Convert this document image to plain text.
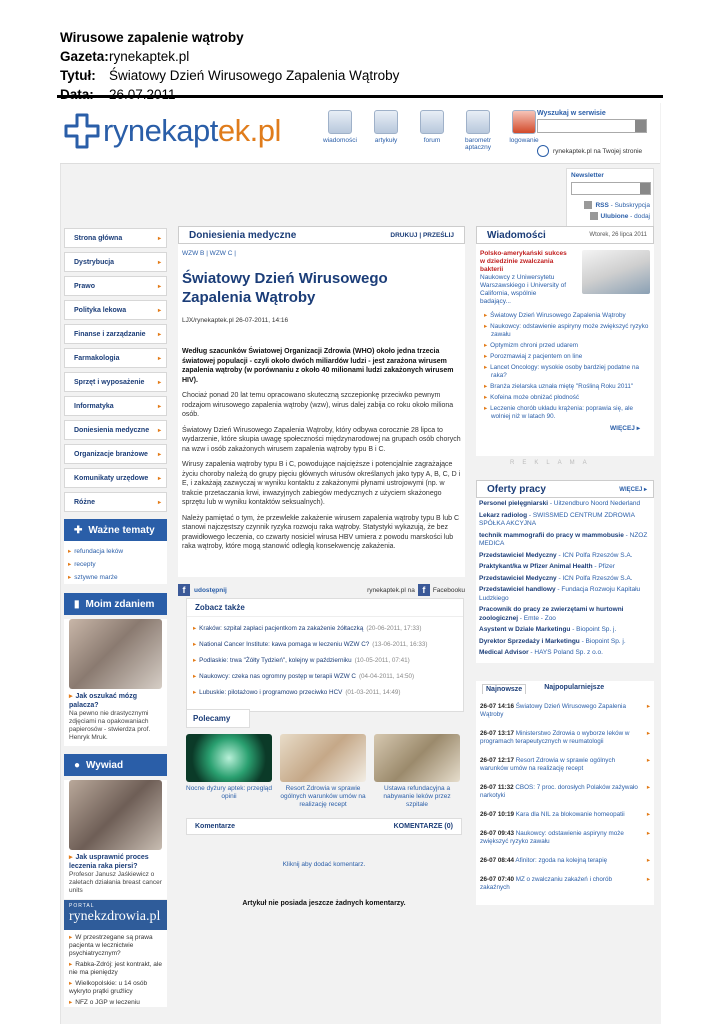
Wirusowe zapalenie wątroby
Gazeta: rynekaptek.pl
Tytuł: Światowy Dzień Wirusowego Zapalenia Wątroby
rynekaptek.pl	wiadomości	artykuły	forum	barometr aptaczny
logowanie
Wyszukaj w serwisie
rynekaptek.pl na Twojej stronie
Newsletter
RSS - Subskrypcja
Ulubione - dodaj
Strona główna	▸
Dystrybucja	▸
Prawo	▸
Polityka lekowa	▸
Finanse i zarządzanie ▸
Farmakologia	▸
Sprzęt i wyposażenie ▸
Informatyka	▸
Doniesienia medyczne ▸
Organizacje branżowe ▸
Komunikaty urzędowe ▸
Różne	▸
✚ Ważne tematy
▸ refundacja leków
▸ recepty
▸ sztywne marże
▮ Moim zdaniem
▸ Jak oszukać mózg palacza?
Na pewno nie drastycznymi zdjęciami na opakowaniach papierosów - stwierdza prof. Henryk Mruk.
● Wywiad
▸ Jak usprawnić proces leczenia raka piersi?
Profesor Janusz Jaśkiewicz o zaletach działania breast cancer units
PORTAL
rynekzdrowia.pl
▸ W przestrzegane są prawa pacjenta w lecznictwie psychiatrycznym?
▸ Rabka-Zdrój: jest kontrakt, ale nie ma pieniędzy
▸ Wielkopolskie: u 14 osób wykryto prątki gruźlicy
▸ NFZ o JGP w leczeniu
Doniesienia medyczne	DRUKUJ | PRZEŚLIJ
WZW B | WZW C |
Światowy Dzień Wirusowego Zapalenia Wątroby
LJX/rynekaptek.pl 26-07-2011, 14:16
Według szacunków Światowej Organizacji Zdrowia (WHO) około jedna trzecia światowej populacji - czyli około dwóch miliardów ludzi - jest zarażona wirusem zapalenia wątroby (w porównaniu z około 40 milionami ludzi zakażonych wirusem HIV).
Chociaż ponad 20 lat temu opracowano skuteczną szczepionkę przeciwko pewnym rodzajom wirusowego zapalenia wątroby (wzw), wirus dalej zabija co roku około miliona osób.
Światowy Dzień Wirusowego Zapalenia Wątroby, który odbywa corocznie 28 lipca to wydarzenie, które skupia uwagę społeczności międzynarodowej na grupach osób chorych na wzw i osób zakażonych wirusem zapalenia wątroby typu B i C.
Wirusy zapalenia wątroby typu B i C, powodujące najcięższe i potencjalnie zagrażające życiu choroby należą do grupy pięciu głównych wirusów określanych jako typy A, B, C, D i E, i zakażają zazwyczaj w wyniku kontaktu z zakażonymi płynami ustrojowymi (np. w trakcie przetaczania krwi, inwazyjnych zabiegów medycznych z użyciem skażonego sprzętu lub w wyniku kontaktów seksualnych).
Należy pamiętać o tym, że przewlekłe zakażenie wirusem zapalenia wątroby typu B lub C stanowi najczęstszy czynnik ryzyka rozwoju raka wątroby. Statystyki wykazują, że bez prawidłowego leczenia, co czwarty nosiciel wirusa HBV umiera z powodu marskości lub raka wątroby, które mogą stanowić odległą konsekwencję zakażenia.
f	udostępnij	rynekaptek.pl na f	Facebooku
Zobacz także
▸ Kraków: szpital zapłaci pacjentkom za zakażenie żółtaczką (20-06-2011, 17:33)
▸ National Cancer Institute: kawa pomaga w leczeniu WZW C? (13-06-2011, 16:33)
▸ Podlaskie: trwa "Żółty Tydzień", kolejny w październiku (10-05-2011, 07:41)
▸ Naukowcy: czeka nas ogromny postęp w terapii WZW C (04-04-2011, 14:50)
▸ Lubuskie: pilotażowo i programowo przeciwko HCV (01-03-2011, 14:49)
Polecamy
Nocne dyżury aptek: przegląd opinii
Resort Zdrowia w sprawie ogólnych warunków umów na realizację recept
Ustawa refundacyjna a nabywanie leków przez szpitale
Komentarze	KOMENTARZE (0)
Kliknij aby dodać komentarz.
Artykuł nie posiada jeszcze żadnych komentarzy.
Wiadomości	Wtorek, 26 lipca 2011
Polsko-amerykański sukces w dziedzinie zwalczania bakterii
Naukowcy z Uniwersytetu Warszawskiego i University of California, wspólnie badający...
▸ Światowy Dzień Wirusowego Zapalenia Wątroby
▸ Naukowcy: odstawienie aspiryny może zwiększyć ryzyko zawału
▸ Optymizm chroni przed udarem
▸ Porozmawiaj z pacjentem on line
▸ Lancet Oncology: wysokie osoby bardziej podatne na raka?
▸ Branża zielarska uznała miętę "Rośliną Roku 2011"
▸ Kofeina może obniżać płodność
▸ Leczenie chorób układu krążenia: poprawia się, ale wolniej niż w latach 90.
WIĘCEJ ▸
REKLAMA
Oferty pracy	WIĘCEJ ▸
Personel pielęgniarski - Uitzendburo Noord Nederland
Lekarz radiolog - SWISSMED CENTRUM ZDROWIA SPÓŁKA AKCYJNA
technik mammografii do pracy w mammobusie - NZOZ MEDICA
Przedstawiciel Medyczny - ICN Polfa Rzeszów S.A.
Praktykant/ka w Pfizer Animal Health - Pfizer
Przedstawiciel Medyczny - ICN Polfa Rzeszów S.A.
Przedstawiciel handlowy - Fundacja Rozwoju Kapitału Ludzkiego
Pracownik do pracy ze zwierzętami w hurtowni zoologicznej - Emte - Zoo
Asystent w Dziale Marketingu - Biopoint Sp. j.
Dyrektor Sprzedaży i Marketingu - Biopoint Sp. j.
Medical Advisor - HAYS Poland Sp. z o.o.
Najnowsze	Najpopularniejsze
26-07 14:16 Światowy Dzień Wirusowego Zapalenia Wątroby ▸
26-07 13:17 Ministerstwo Zdrowia o wyborze leków w programach terapeutycznych w reumatologii ▸
26-07 12:17 Resort Zdrowia w sprawie ogólnych warunków umów na realizację recept ▸
26-07 11:32 CBOS: 7 proc. dorosłych Polaków zażywało narkotyki ▸
26-07 10:19 Kara dla NIL za blokowanie homeopatii ▸
26-07 09:43 Naukowcy: odstawienie aspiryny może zwiększyć ryzyko zawału ▸
26-07 08:44 Afinitor: zgoda na kolejną terapię ▸
26-07 07:40 MZ o zwalczaniu zakażeń i chorób zakaźnych ▸
